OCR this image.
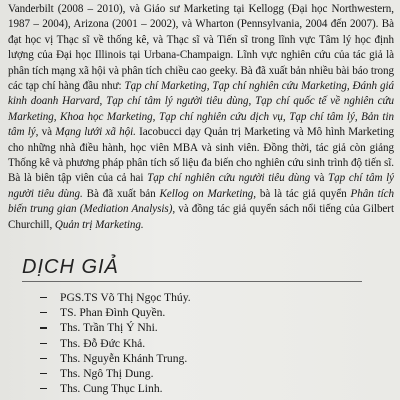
Vanderbilt (2008 – 2010), và Giáo sư Marketing tại Kellogg (Đại học Northwestern, 1987 – 2004), Arizona (2001 – 2002), và Wharton (Pennsylvania, 2004 đến 2007). Bà đạt học vị Thạc sĩ về thống kê, và Thạc sĩ và Tiến sĩ trong lĩnh vực Tâm lý học định lượng của Đại học Illinois tại Urbana-Champaign. Lĩnh vực nghiên cứu của tác giả là phân tích mạng xã hội và phân tích chiều cao geeky. Bà đã xuất bản nhiều bài báo trong các tạp chí hàng đầu như: Tạp chí Marketing, Tạp chí nghiên cứu Marketing, Đánh giá kinh doanh Harvard, Tạp chí tâm lý người tiêu dùng, Tạp chí quốc tế về nghiên cứu Marketing, Khoa học Marketing, Tạp chí nghiên cứu dịch vụ, Tạp chí tâm lý, Bản tin tâm lý, và Mạng lưới xã hội. Iacobucci dạy Quản trị Marketing và Mô hình Marketing cho những nhà điều hành, học viên MBA và sinh viên. Đồng thời, tác giả còn giảng Thống kê và phương pháp phân tích số liệu đa biến cho nghiên cứu sinh trình độ tiến sĩ. Bà là biên tập viên của cả hai Tạp chí nghiên cứu người tiêu dùng và Tạp chí tâm lý người tiêu dùng. Bà đã xuất bản Kellog on Marketing, bà là tác giả quyển Phân tích biến trung gian (Mediation Analysis), và đồng tác giả quyển sách nổi tiếng của Gilbert Churchill, Quản trị Marketing.
DỊCH GIẢ
PGS.TS Võ Thị Ngọc Thúy.
TS. Phan Đình Quyền.
Ths. Trần Thị Ý Nhi.
Ths. Đỗ Đức Khả.
Ths. Nguyễn Khánh Trung.
Ths. Ngô Thị Dung.
Ths. Cung Thục Linh.
